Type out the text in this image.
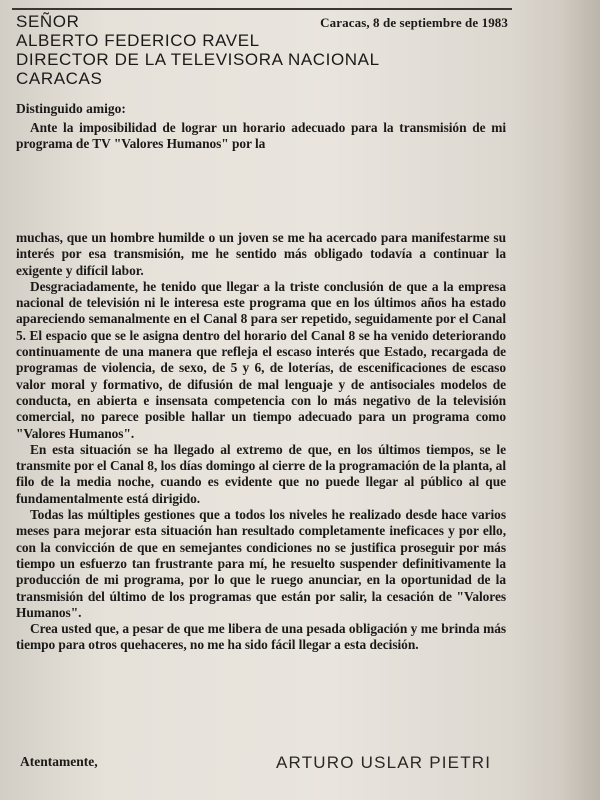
Caracas, 8 de septiembre de 1983
SEÑOR
ALBERTO FEDERICO RAVEL
DIRECTOR DE LA TELEVISORA NACIONAL
CARACAS
Distinguido amigo:

Ante la imposibilidad de lograr un horario adecuado para la transmisión de mi programa de TV "Valores Humanos" por la

muchas, que un hombre humilde o un joven se me ha acercado para manifestarme su interés por esa transmisión, me he sentido más obligado todavía a continuar la exigente y difícil labor.

Desgraciadamente, he tenido que llegar a la triste conclusión de que a la empresa nacional de televisión ni le interesa este programa que en los últimos años ha estado apareciendo semanalmente en el Canal 8 para ser repetido, seguidamente por el Canal 5. El espacio que se le asigna dentro del horario del Canal 8 se ha venido deteriorando continuamente de una manera que refleja el escaso interés que Estado, recargada de programas de violencia, de sexo, de 5 y 6, de loterías, de escenificaciones de escaso valor moral y formativo, de difusión de mal lenguaje y de antisociales modelos de conducta, en abierta e insensata competencia con lo más negativo de la televisión comercial, no parece posible hallar un tiempo adecuado para un programa como "Valores Humanos".

En esta situación se ha llegado al extremo de que, en los últimos tiempos, se le transmite por el Canal 8, los días domingo al cierre de la programación de la planta, al filo de la media noche, cuando es evidente que no puede llegar al público al que fundamentalmente está dirigido.

Todas las múltiples gestiones que a todos los niveles he realizado desde hace varios meses para mejorar esta situación han resultado completamente ineficaces y por ello, con la convicción de que en semejantes condiciones no se justifica proseguir por más tiempo un esfuerzo tan frustrante para mí, he resuelto suspender definitivamente la producción de mi programa, por lo que le ruego anunciar, en la oportunidad de la transmisión del último de los programas que están por salir, la cesación de "Valores Humanos".

Crea usted que, a pesar de que me libera de una pesada obligación y me brinda más tiempo para otros quehaceres, no me ha sido fácil llegar a esta decisión.

Atentamente,	ARTURO USLAR PIETRI
